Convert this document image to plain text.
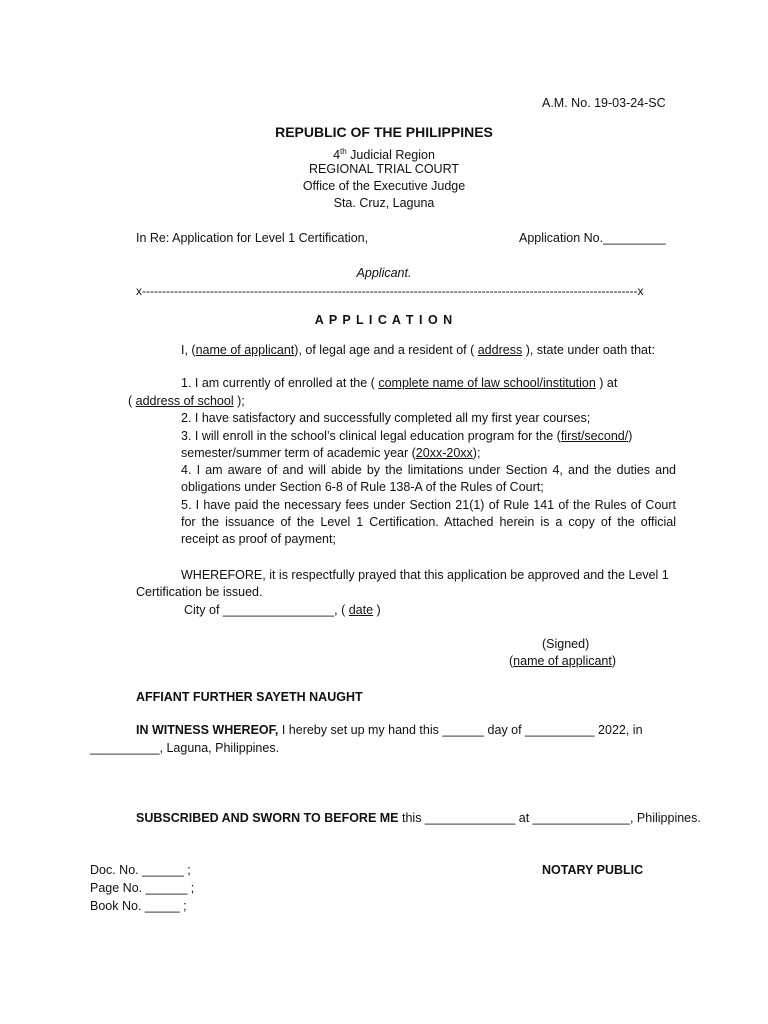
A.M. No. 19-03-24-SC
REPUBLIC OF THE PHILIPPINES
4th Judicial Region
REGIONAL TRIAL COURT
Office of the Executive Judge
Sta. Cruz, Laguna
In Re: Application for Level 1 Certification,	Application No._________
Applicant.
x----------------------------------------------------------------------------------------------------------------------------x
A P P L I C A T I O N
I, (name of applicant), of legal age and a resident of ( address ), state under oath that:
1. I am currently of enrolled at the ( complete name of law school/institution ) at
( address of school );
2. I have satisfactory and successfully completed all my first year courses;
3. I will enroll in the school’s clinical legal education program for the (first/second/)
semester/summer term of academic year (20xx-20xx);
4. I am aware of and will abide by the limitations under Section 4, and the duties and obligations under Section 6-8 of Rule 138-A of the Rules of Court;
5. I have paid the necessary fees under Section 21(1) of Rule 141 of the Rules of Court for the issuance of the Level 1 Certification. Attached herein is a copy of the official receipt as proof of payment;
WHEREFORE, it is respectfully prayed that this application be approved and the Level 1
Certification be issued.
City of ________________, ( date )
(Signed)
(name of applicant)
AFFIANT FURTHER SAYETH NAUGHT
IN WITNESS WHEREOF, I hereby set up my hand this ______ day of __________ 2022, in
__________, Laguna, Philippines.
SUBSCRIBED AND SWORN TO BEFORE ME this _____________ at ______________, Philippines.
Doc. No. ______ ;
Page No. ______ ;
Book No. _____ ;
NOTARY PUBLIC
